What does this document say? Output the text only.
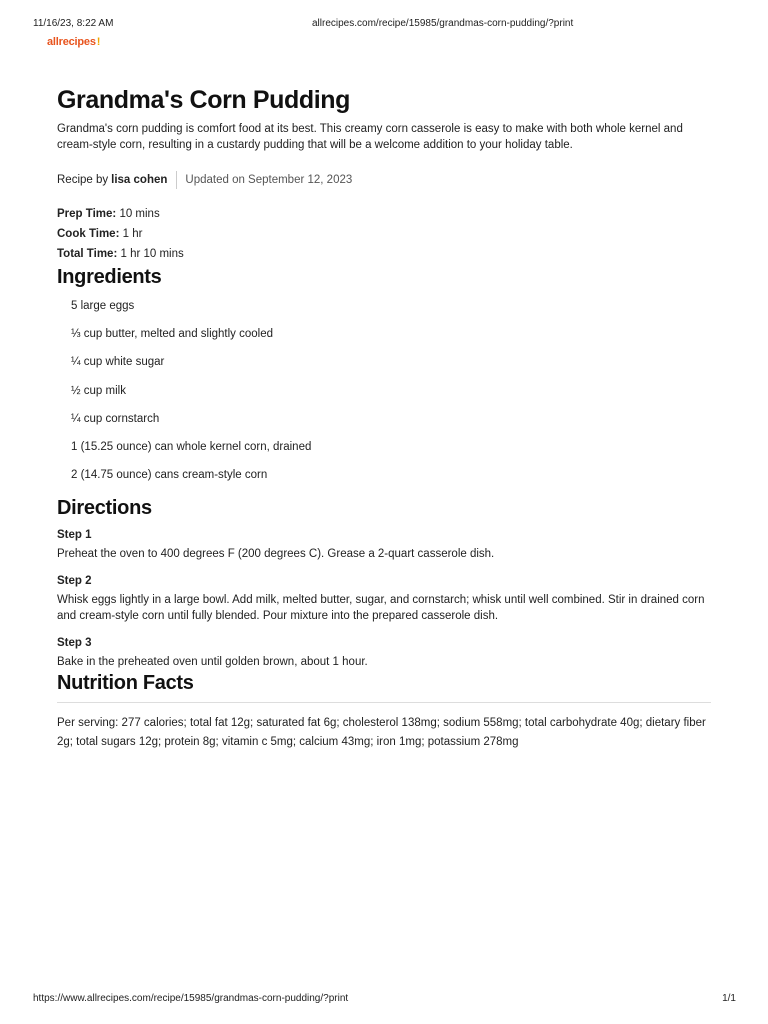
11/16/23, 8:22 AM	allrecipes.com/recipe/15985/grandmas-corn-pudding/?print
allrecipes!
Grandma's Corn Pudding

Grandma's corn pudding is comfort food at its best. This creamy corn casserole is easy to make with both whole kernel and cream-style corn, resulting in a custardy pudding that will be a welcome addition to your holiday table.

Recipe by lisa cohen Updated on September 12, 2023
Prep Time: 10 mins
Cook Time: 1 hr
Total Time: 1 hr 10 mins
Ingredients
5 large eggs
⅓ cup butter, melted and slightly cooled
¼ cup white sugar
½ cup milk
¼ cup cornstarch
1 (15.25 ounce) can whole kernel corn, drained
2 (14.75 ounce) cans cream-style corn
Directions
Step 1
Preheat the oven to 400 degrees F (200 degrees C). Grease a 2-quart casserole dish.
Step 2
Whisk eggs lightly in a large bowl. Add milk, melted butter, sugar, and cornstarch; whisk until well combined. Stir in drained corn and cream-style corn until fully blended. Pour mixture into the prepared casserole dish.
Step 3
Bake in the preheated oven until golden brown, about 1 hour.
Nutrition Facts
Per serving: 277 calories; total fat 12g; saturated fat 6g; cholesterol 138mg; sodium 558mg; total carbohydrate 40g; dietary fiber 2g; total sugars 12g; protein 8g; vitamin c 5mg; calcium 43mg; iron 1mg; potassium 278mg
https://www.allrecipes.com/recipe/15985/grandmas-corn-pudding/?print	1/1
